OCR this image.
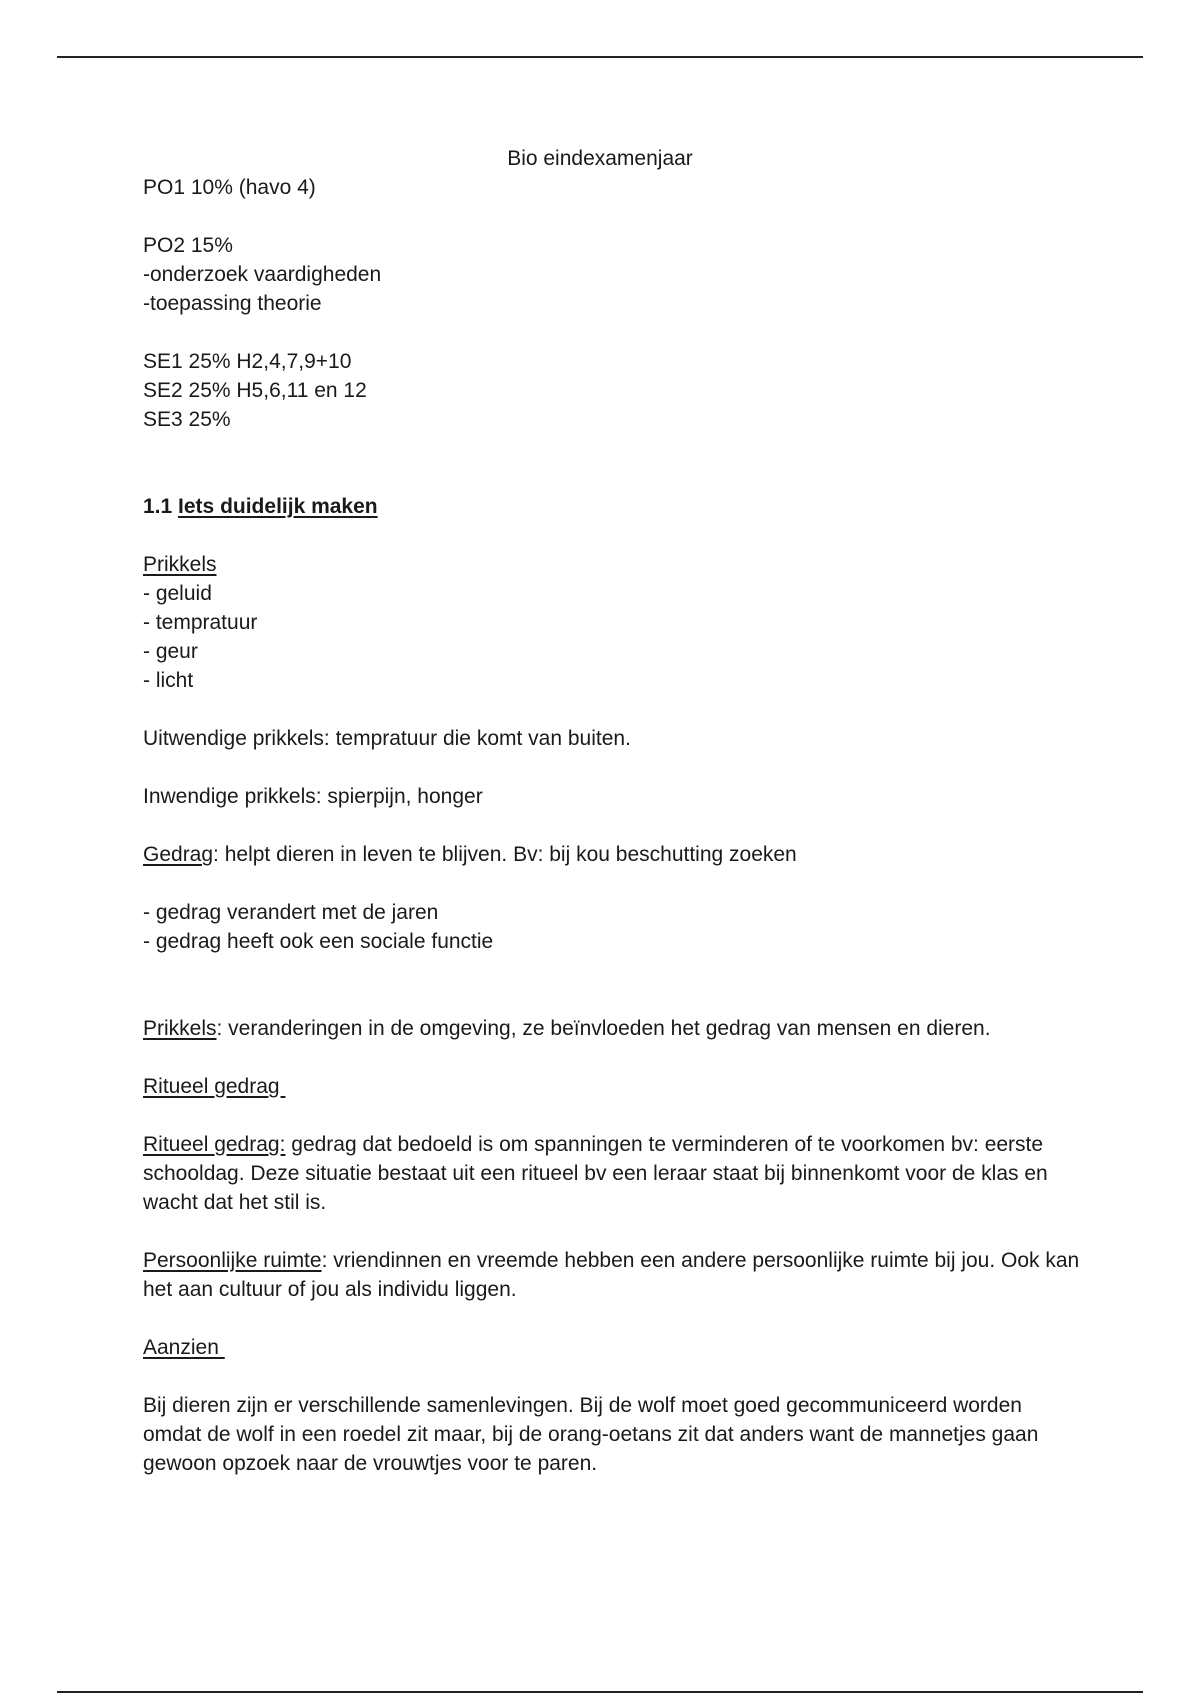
Bio eindexamenjaar
PO1 10% (havo 4)
PO2 15%
-onderzoek vaardigheden
-toepassing theorie
SE1 25% H2,4,7,9+10
SE2 25% H5,6,11 en 12
SE3 25%
1.1 Iets duidelijk maken
Prikkels
- geluid
- tempratuur
- geur
- licht
Uitwendige prikkels: tempratuur die komt van buiten.
Inwendige prikkels: spierpijn, honger
Gedrag: helpt dieren in leven te blijven. Bv: bij kou beschutting zoeken
- gedrag verandert met de jaren
- gedrag heeft ook een sociale functie
Prikkels: veranderingen in de omgeving, ze beïnvloeden het gedrag van mensen en dieren.
Ritueel gedrag
Ritueel gedrag: gedrag dat bedoeld is om spanningen te verminderen of te voorkomen bv: eerste schooldag. Deze situatie bestaat uit een ritueel bv een leraar staat bij binnenkomt voor de klas en wacht dat het stil is.
Persoonlijke ruimte: vriendinnen en vreemde hebben een andere persoonlijke ruimte bij jou. Ook kan het aan cultuur of jou als individu liggen.
Aanzien
Bij dieren zijn er verschillende samenlevingen. Bij de wolf moet goed gecommuniceerd worden omdat de wolf in een roedel zit maar, bij de orang-oetans zit dat anders want de mannetjes gaan gewoon opzoek naar de vrouwtjes voor te paren.
